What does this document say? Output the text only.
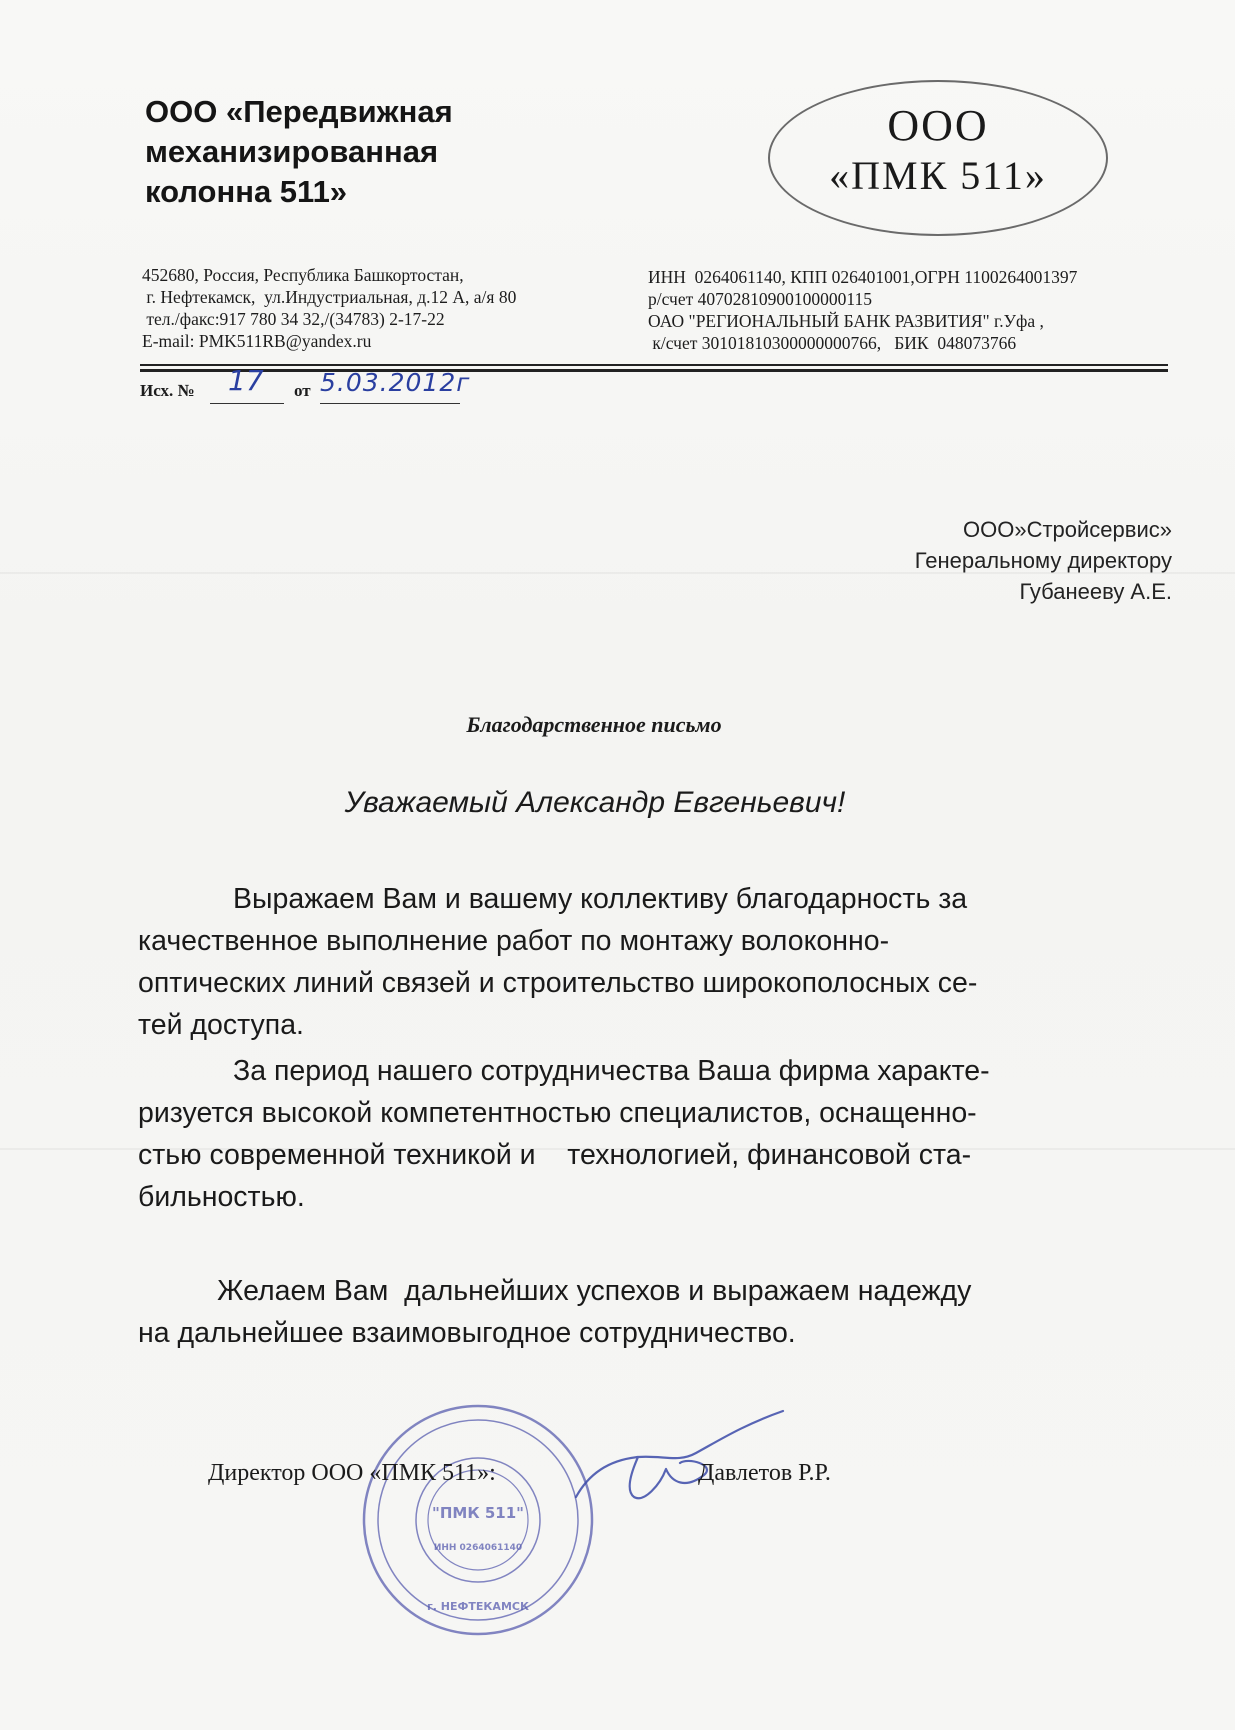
ООО «Передвижная
механизированная
колонна 511»
ООО
«ПМК 511»
452680, Россия, Республика Башкортостан,
г. Нефтекамск,  ул.Индустриальная, д.12 А, а/я 80
тел./факс:917 780 34 32,/(34783) 2-17-22
E-mail: PMK511RB@yandex.ru
ИНН  0264061140, КПП 026401001,ОГРН 1100264001397
р/счет 40702810900100000115
ОАО "РЕГИОНАЛЬНЫЙ БАНК РАЗВИТИЯ" г.Уфа ,
к/счет 30101810300000000766,   БИК  048073766
Исх. № 17 от 5.03.2012г
ООО»Стройсервис»
Генеральному директору
Губанееву А.Е.
Благодарственное письмо
Уважаемый Александр Евгеньевич!
Выражаем Вам и вашему коллективу благодарность за
качественное выполнение работ по монтажу волоконно-
оптических линий связей и строительство широкополосных се-
тей доступа.
За период нашего сотрудничества Ваша фирма характе-
ризуется высокой компетентностью специалистов, оснащенно-
стью современной техникой и    технологией, финансовой ста-
бильностью.
Желаем Вам  дальнейших успехов и выражаем надежду
на дальнейшее взаимовыгодное сотрудничество.
"ПМК 511"
ИНН 0264061140
г. НЕФТЕКАМСК
Директор ООО «ПМК 511»:	Давлетов Р.Р.
